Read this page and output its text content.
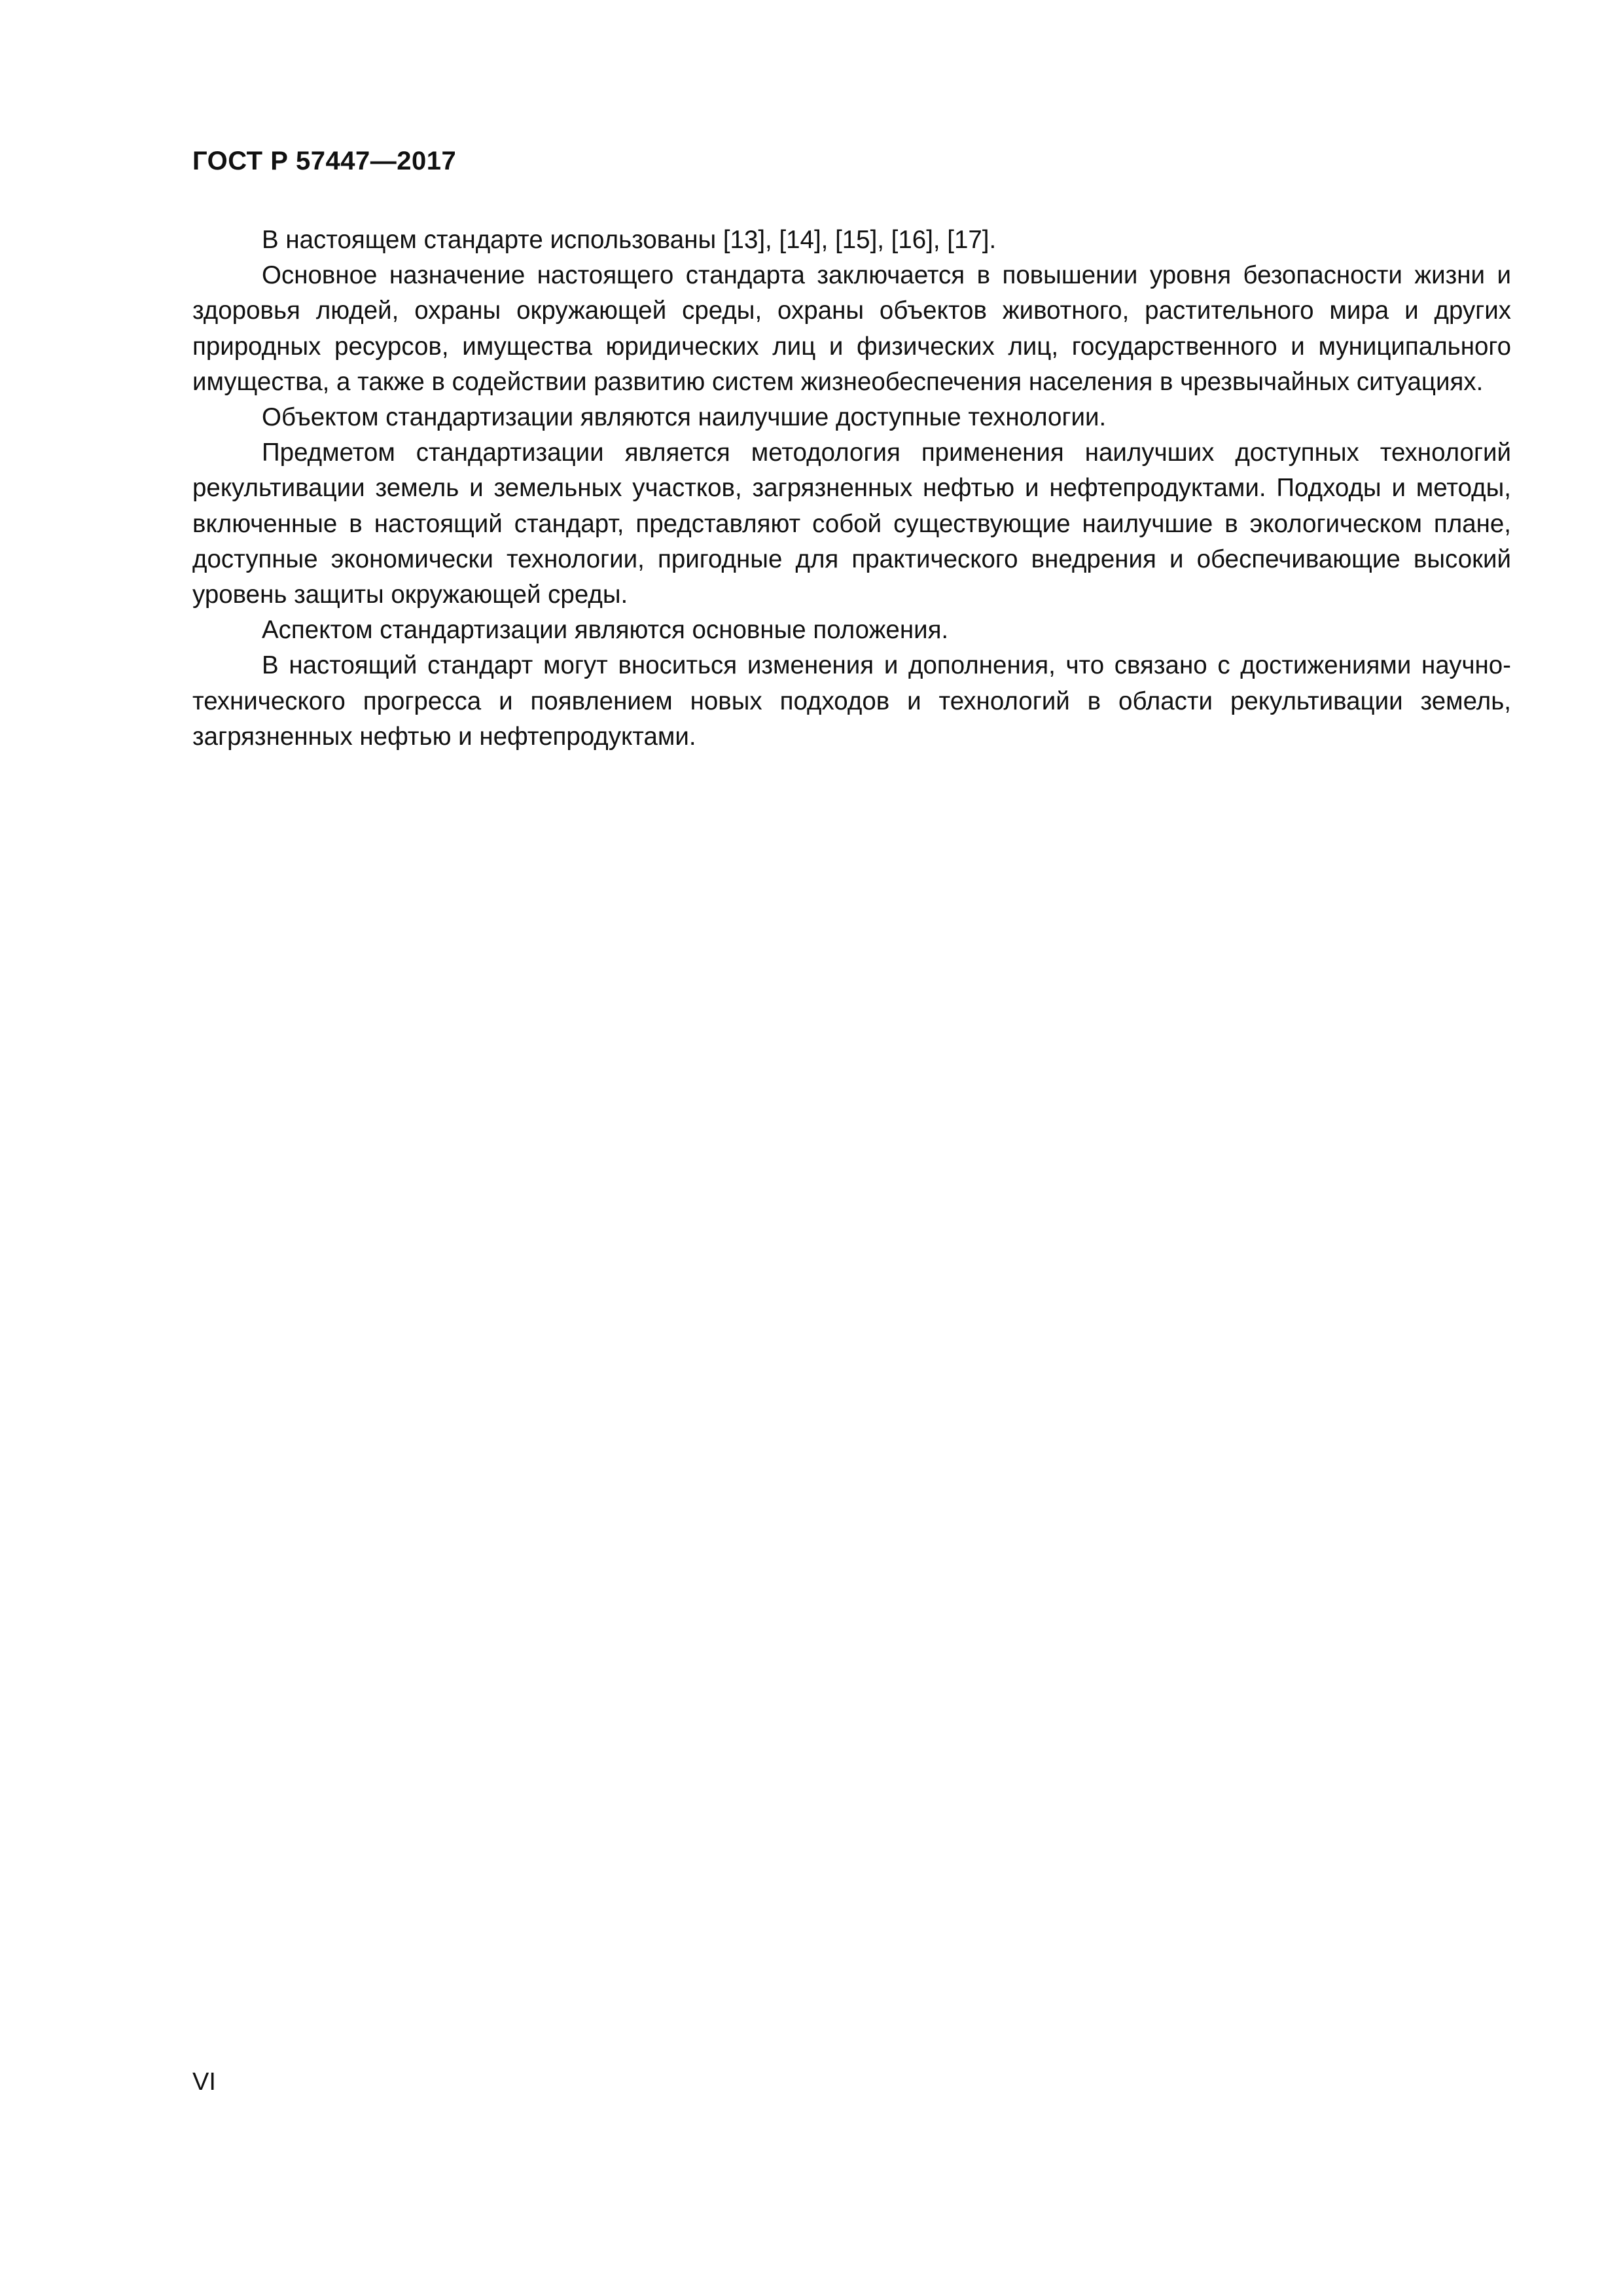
ГОСТ Р 57447—2017

В настоящем стандарте использованы [13], [14], [15], [16], [17].

Основное назначение настоящего стандарта заключается в повышении уровня безопасности жизни и здоровья людей, охраны окружающей среды, охраны объектов животного, растительного мира и других природных ресурсов, имущества юридических лиц и физических лиц, государственного и муниципального имущества, а также в содействии развитию систем жизнеобеспечения населения в чрезвычайных ситуациях.

Объектом стандартизации являются наилучшие доступные технологии.

Предметом стандартизации является методология применения наилучших доступных технологий рекультивации земель и земельных участков, загрязненных нефтью и нефтепродуктами. Подходы и методы, включенные в настоящий стандарт, представляют собой существующие наилучшие в экологическом плане, доступные экономически технологии, пригодные для практического внедрения и обеспечивающие высокий уровень защиты окружающей среды.

Аспектом стандартизации являются основные положения.

В настоящий стандарт могут вноситься изменения и дополнения, что связано с достижениями научно-технического прогресса и появлением новых подходов и технологий в области рекультивации земель, загрязненных нефтью и нефтепродуктами.

VI
